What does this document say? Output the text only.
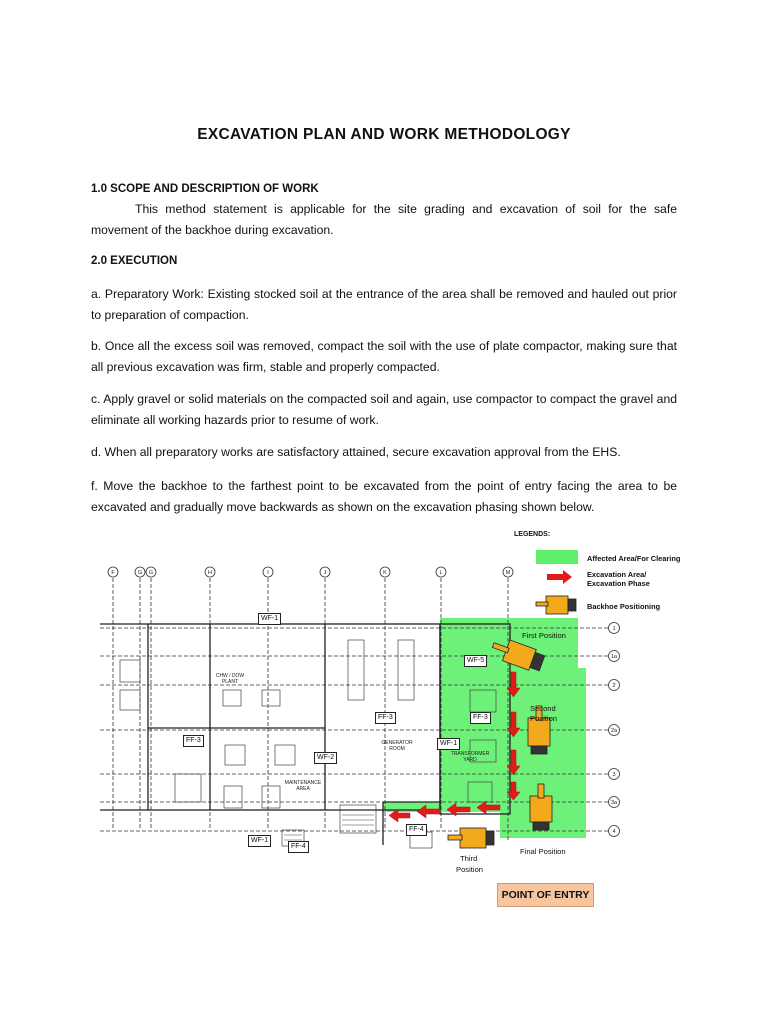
EXCAVATION PLAN AND WORK METHODOLOGY
1.0 SCOPE AND DESCRIPTION OF WORK
This method statement is applicable for the site grading and excavation of soil for the safe movement of the backhoe during excavation.
2.0 EXECUTION
a. Preparatory Work: Existing stocked soil at the entrance of the area shall be removed and hauled out prior to preparation of compaction.
b. Once all the excess soil was removed, compact the soil with the use of plate compactor, making sure that all previous excavation was firm, stable and properly compacted.
c. Apply gravel or solid materials on the compacted soil and again, use compactor to compact the gravel and eliminate all working hazards prior to resume of work.
d. When all preparatory works are satisfactory attained, secure excavation approval from the EHS.
f. Move the backhoe to the farthest point to be excavated from the point of entry facing the area to be excavated and gradually move backwards as shown on the excavation phasing shown below.
F	G G	H	I	J	K	L	M
1
1a
2
2a
3
3a
4
CHW / DOW
PLANT
GENERATOR
ROOM
MAINTENANCE
AREA
TRANSFORMER
YARD
WF-1
WF-5
FF-3
FF-3	FF-3
WF-2
WF-1
WF-1
FF-4
FF-4
LEGENDS:
Affected Area/For Clearing
Excavation Area/
Excavation Phase
Backhoe Positioning
First Position
Second
Position
Third
Position
Final Position
POINT OF ENTRY
